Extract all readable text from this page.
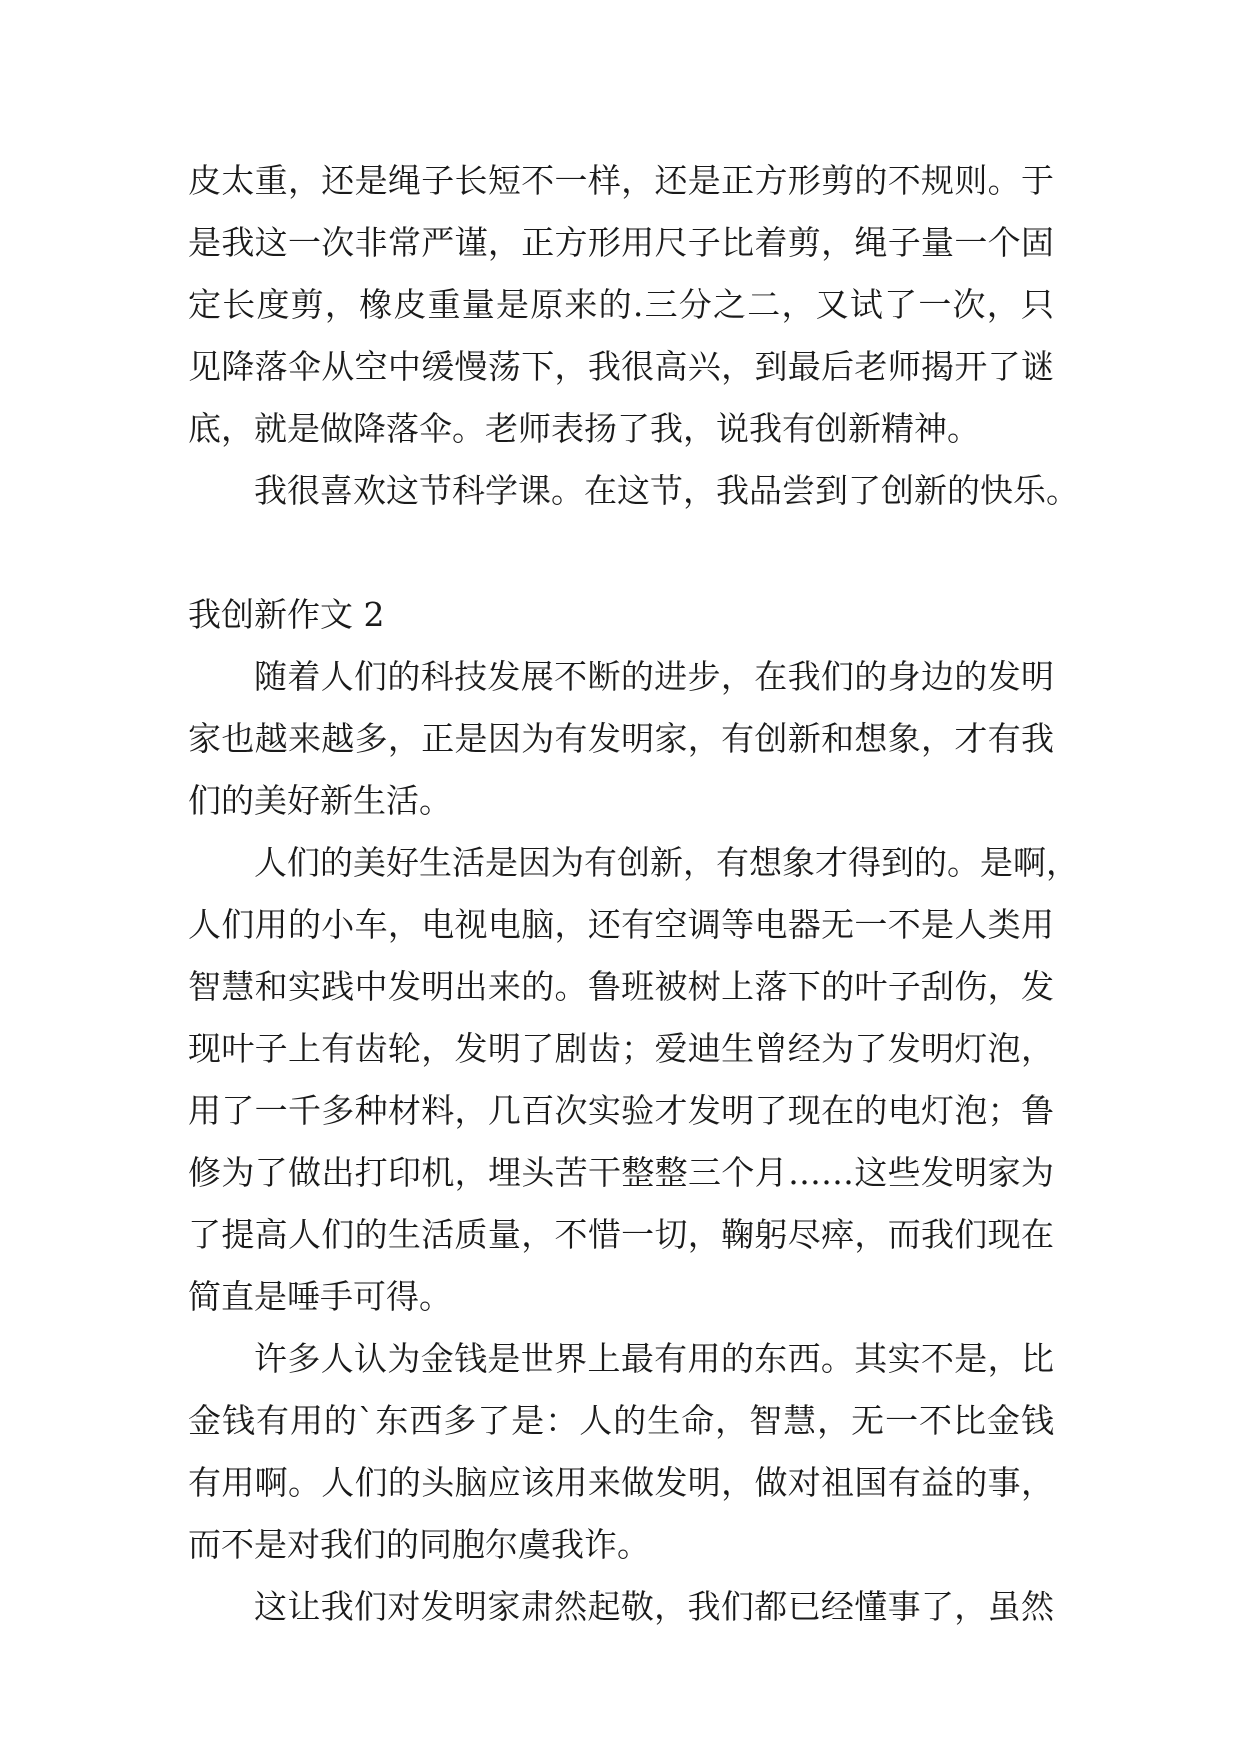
皮太重，还是绳子长短不一样，还是正方形剪的不规则。于
是我这一次非常严谨，正方形用尺子比着剪，绳子量一个固
定长度剪，橡皮重量是原来的.三分之二，又试了一次，只
见降落伞从空中缓慢荡下，我很高兴，到最后老师揭开了谜
底，就是做降落伞。老师表扬了我，说我有创新精神。
我很喜欢这节科学课。在这节，我品尝到了创新的快乐。
我创新作文 2
随着人们的科技发展不断的进步，在我们的身边的发明
家也越来越多，正是因为有发明家，有创新和想象，才有我
们的美好新生活。
人们的美好生活是因为有创新，有想象才得到的。是啊，
人们用的小车，电视电脑，还有空调等电器无一不是人类用
智慧和实践中发明出来的。鲁班被树上落下的叶子刮伤，发
现叶子上有齿轮，发明了剧齿；爱迪生曾经为了发明灯泡，
用了一千多种材料，几百次实验才发明了现在的电灯泡；鲁
修为了做出打印机，埋头苦干整整三个月……这些发明家为
了提高人们的生活质量，不惜一切，鞠躬尽瘁，而我们现在
简直是唾手可得。
许多人认为金钱是世界上最有用的东西。其实不是，比
金钱有用的`东西多了是：人的生命，智慧，无一不比金钱
有用啊。人们的头脑应该用来做发明，做对祖国有益的事，
而不是对我们的同胞尔虞我诈。
这让我们对发明家肃然起敬，我们都已经懂事了，虽然
